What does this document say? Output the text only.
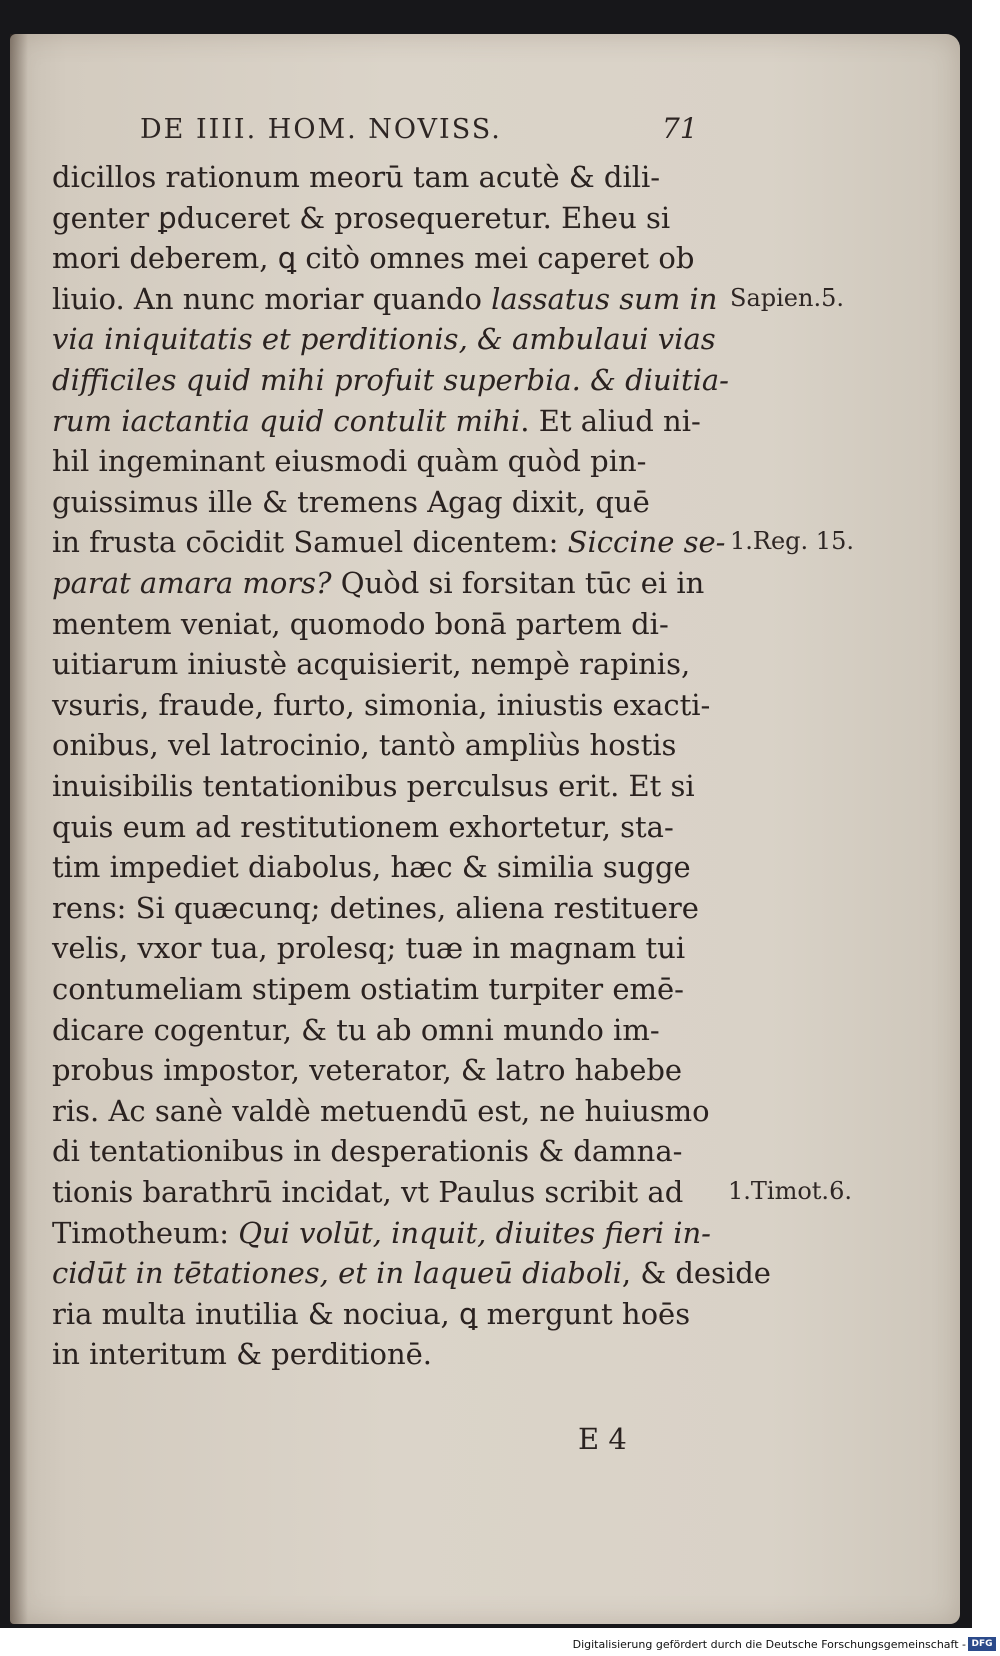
DE IIII. HOM. NOVISS.	71
dicillos rationum meorū tam acutè & dili-
genter ꝑduceret & prosequeretur. Eheu si
mori deberem, ꝗ citò omnes mei caperet ob
liuio. An nunc moriar quando lassatus sum in
via iniquitatis et perditionis, & ambulaui vias
difficiles quid mihi profuit superbia. & diuitia-
rum iactantia quid contulit mihi. Et aliud ni-
hil ingeminant eiusmodi quàm quòd pin-
guissimus ille & tremens Agag dixit, quē
in frusta cōcidit Samuel dicentem: Siccine se-
parat amara mors? Quòd si forsitan tūc ei in
mentem veniat, quomodo bonā partem di-
uitiarum iniustè acquisierit, nempè rapinis,
vsuris, fraude, furto, simonia, iniustis exacti-
onibus, vel latrocinio, tantò ampliùs hostis
inuisibilis tentationibus perculsus erit. Et si
quis eum ad restitutionem exhortetur, sta-
tim impediet diabolus, hæc & similia sugge
rens: Si quæcunq; detines, aliena restituere
velis, vxor tua, prolesq; tuæ in magnam tui
contumeliam stipem ostiatim turpiter emē-
dicare cogentur, & tu ab omni mundo im-
probus impostor, veterator, & latro habebe
ris. Ac sanè valdè metuendū est, ne huiusmo
di tentationibus in desperationis & damna-
tionis barathrū incidat, vt Paulus scribit ad
Timotheum: Qui volūt, inquit, diuites fieri in-
cidūt in tētationes, et in laqueū diaboli, & deside
ria multa inutilia & nociua, ꝗ mergunt hoēs
in interitum & perditionē.
Sapien.5.
1.Reg. 15.
1.Timot.6.
E 4
Digitalisierung gefördert durch die Deutsche Forschungsgemeinschaft - DFG
